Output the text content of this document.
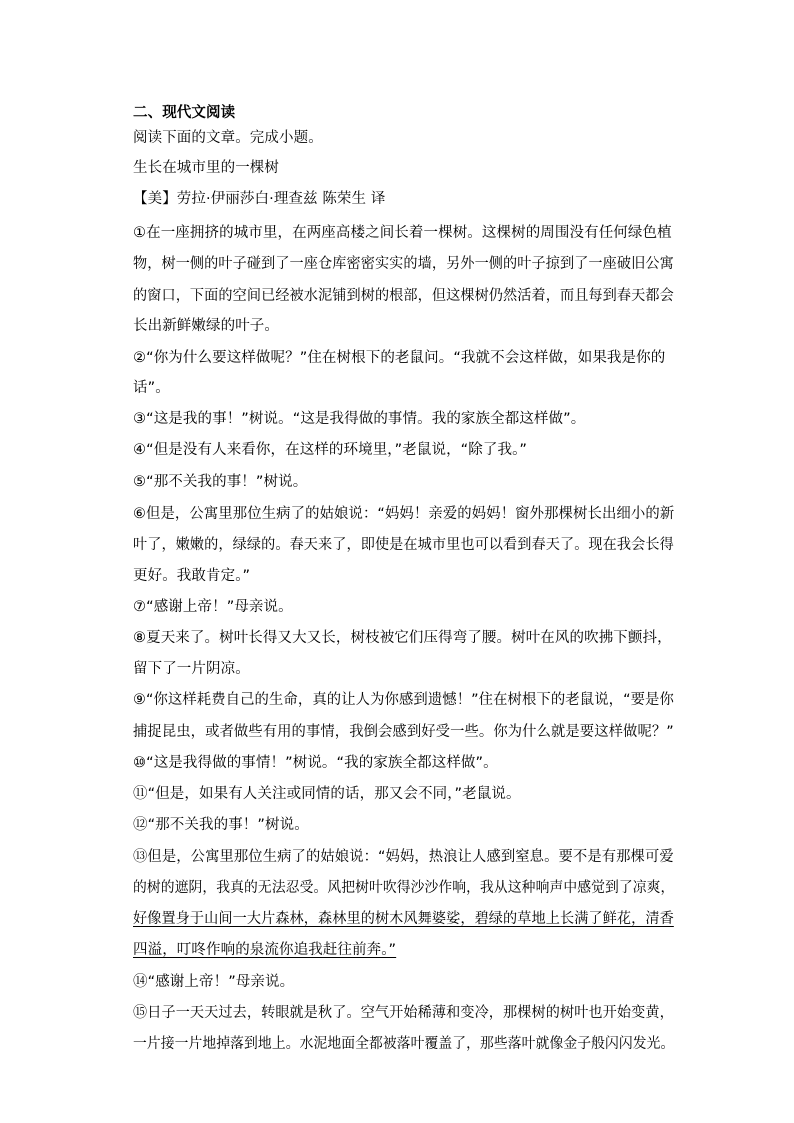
二、现代文阅读
阅读下面的文章。完成小题。
生长在城市里的一棵树
【美】劳拉·伊丽莎白·理查兹 陈荣生 译
①在一座拥挤的城市里，在两座高楼之间长着一棵树。这棵树的周围没有任何绿色植
物，树一侧的叶子碰到了一座仓库密密实实的墙，另外一侧的叶子掠到了一座破旧公寓
的窗口，下面的空间已经被水泥铺到树的根部，但这棵树仍然活着，而且每到春天都会
长出新鲜嫩绿的叶子。
②“你为什么要这样做呢？”住在树根下的老鼠问。“我就不会这样做，如果我是你的
话”。
③“这是我的事！”树说。“这是我得做的事情。我的家族全都这样做”。
④“但是没有人来看你，在这样的环境里，”老鼠说，“除了我。”
⑤“那不关我的事！”树说。
⑥但是，公寓里那位生病了的姑娘说：“妈妈！亲爱的妈妈！窗外那棵树长出细小的新
叶了，嫩嫩的，绿绿的。春天来了，即使是在城市里也可以看到春天了。现在我会长得
更好。我敢肯定。”
⑦“感谢上帝！”母亲说。
⑧夏天来了。树叶长得又大又长，树枝被它们压得弯了腰。树叶在风的吹拂下颤抖，
留下了一片阴凉。
⑨“你这样耗费自己的生命，真的让人为你感到遗憾！”住在树根下的老鼠说，“要是你
捕捉昆虫，或者做些有用的事情，我倒会感到好受一些。你为什么就是要这样做呢？”
⑩“这是我得做的事情！”树说。“我的家族全都这样做”。
⑪“但是，如果有人关注或同情的话，那又会不同，”老鼠说。
⑫“那不关我的事！”树说。
⑬但是，公寓里那位生病了的姑娘说：“妈妈，热浪让人感到窒息。要不是有那棵可爱
的树的遮阴，我真的无法忍受。风把树叶吹得沙沙作响，我从这种响声中感觉到了凉爽，
好像置身于山间一大片森林，森林里的树木风舞婆娑，碧绿的草地上长满了鲜花，清香
四溢，叮咚作响的泉流你追我赶往前奔。”
⑭“感谢上帝！”母亲说。
⑮日子一天天过去，转眼就是秋了。空气开始稀薄和变冷，那棵树的树叶也开始变黄，
一片接一片地掉落到地上。水泥地面全都被落叶覆盖了，那些落叶就像金子般闪闪发光。
